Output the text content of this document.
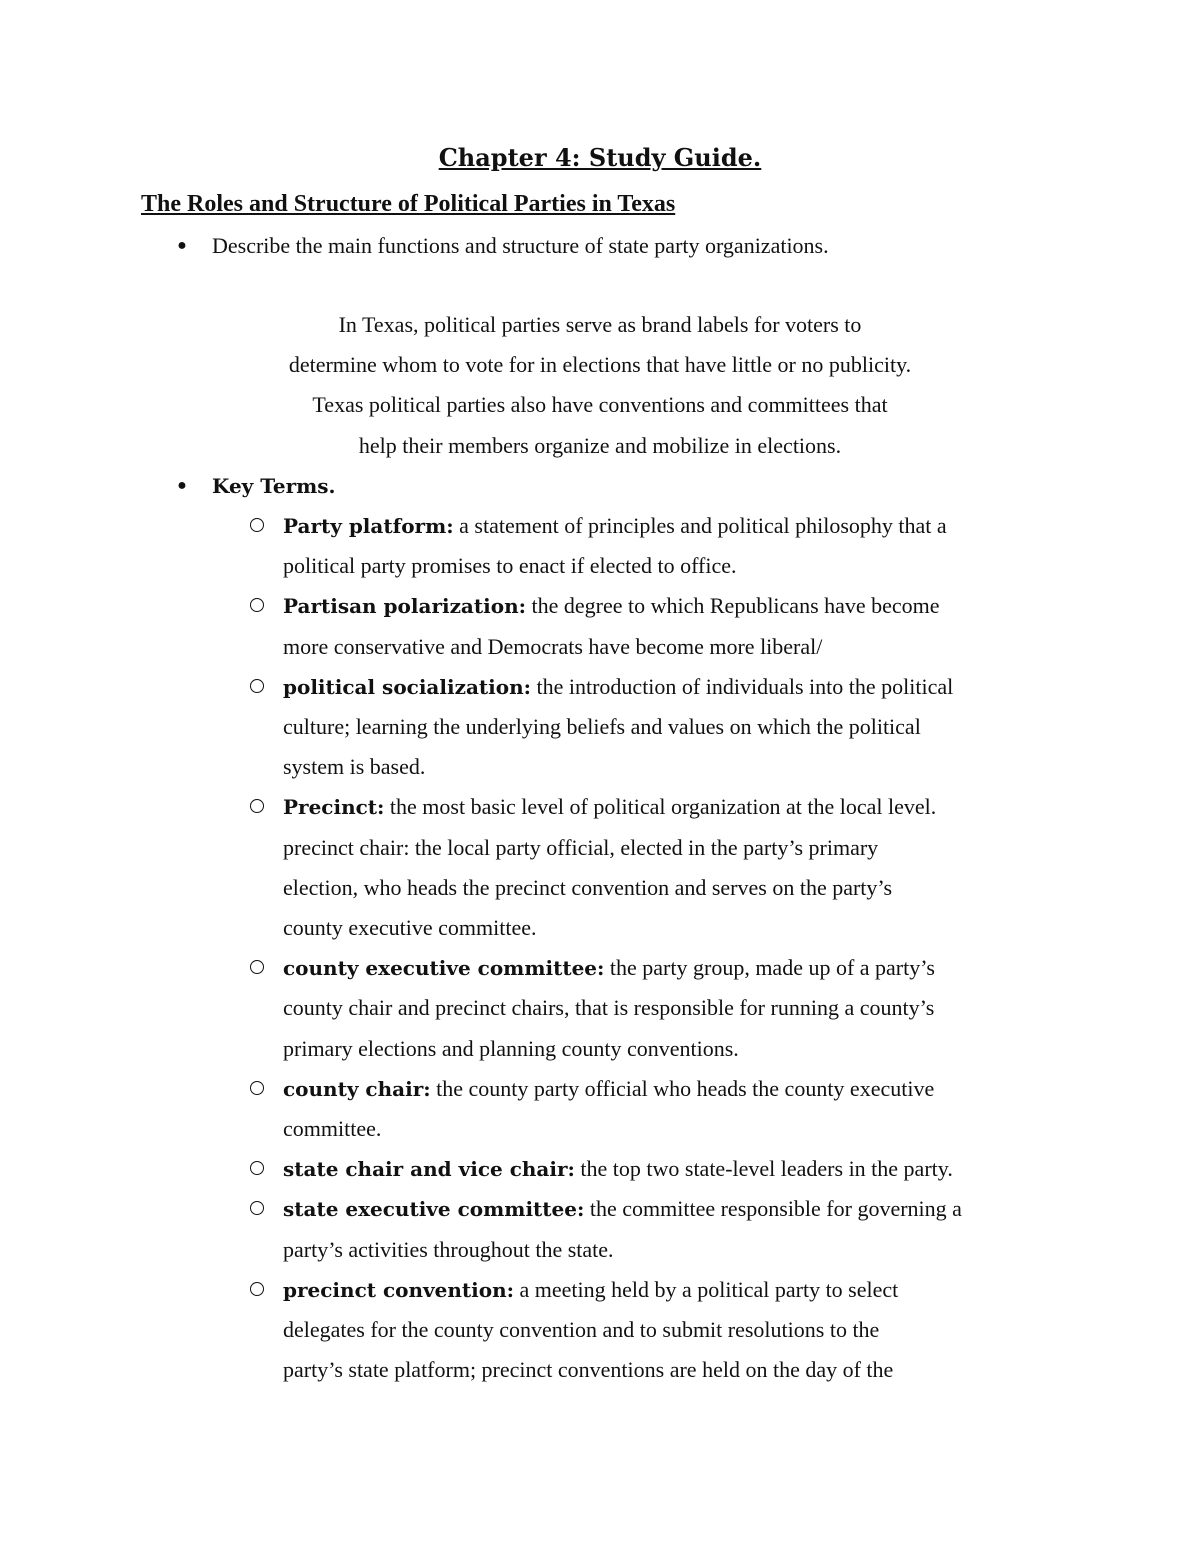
Chapter 4: Study Guide.
The Roles and Structure of Political Parties in Texas
● Describe the main functions and structure of state party organizations.
In Texas, political parties serve as brand labels for voters to
determine whom to vote for in elections that have little or no publicity.
Texas political parties also have conventions and committees that
help their members organize and mobilize in elections.
● Key Terms.
Party platform: a statement of principles and political philosophy that a
political party promises to enact if elected to office.
Partisan polarization: the degree to which Republicans have become
more conservative and Democrats have become more liberal/
political socialization: the introduction of individuals into the political
culture; learning the underlying beliefs and values on which the political
system is based.
Precinct: the most basic level of political organization at the local level.
precinct chair: the local party official, elected in the party’s primary
election, who heads the precinct convention and serves on the party’s
county executive committee.
county executive committee: the party group, made up of a party’s
county chair and precinct chairs, that is responsible for running a county’s
primary elections and planning county conventions.
county chair: the county party official who heads the county executive
committee.
state chair and vice chair: the top two state-level leaders in the party.
state executive committee: the committee responsible for governing a
party’s activities throughout the state.
precinct convention: a meeting held by a political party to select
delegates for the county convention and to submit resolutions to the
party’s state platform; precinct conventions are held on the day of the
